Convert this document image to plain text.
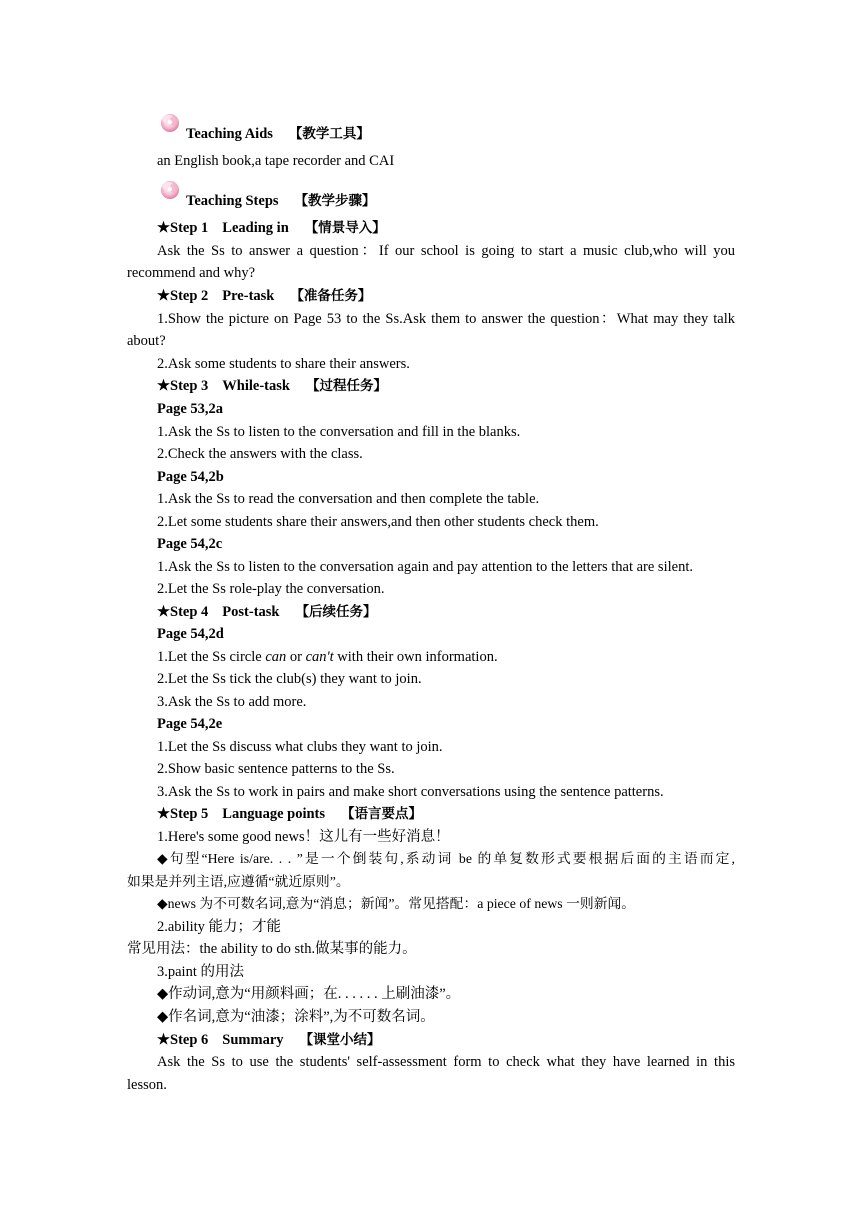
Teaching Aids 【教学工具】
an English book,a tape recorder and CAI
Teaching Steps 【教学步骤】
★Step 1 Leading in 【情景导入】
Ask the Ss to answer a question：If our school is going to start a music club,who will you
recommend and why?
★Step 2 Pre-task 【准备任务】
1.Show the picture on Page 53 to the Ss.Ask them to answer the question：What may they talk
about?
2.Ask some students to share their answers.
★Step 3 While-task 【过程任务】
Page 53,2a
1.Ask the Ss to listen to the conversation and fill in the blanks.
2.Check the answers with the class.
Page 54,2b
1.Ask the Ss to read the conversation and then complete the table.
2.Let some students share their answers,and then other students check them.
Page 54,2c
1.Ask the Ss to listen to the conversation again and pay attention to the letters that are silent.
2.Let the Ss role‑play the conversation.
★Step 4 Post-task 【后续任务】
Page 54,2d
1.Let the Ss circle can or can't with their own information.
2.Let the Ss tick the club(s) they want to join.
3.Ask the Ss to add more.
Page 54,2e
1.Let the Ss discuss what clubs they want to join.
2.Show basic sentence patterns to the Ss.
3.Ask the Ss to work in pairs and make short conversations using the sentence patterns.
★Step 5 Language points 【语言要点】
1.Here's some good news！这儿有一些好消息！
◆句型“Here is/are. . . ”是一个倒装句,系动词 be 的单复数形式要根据后面的主语而定,
如果是并列主语,应遵循“就近原则”。
◆news 为不可数名词,意为“消息；新闻”。常见搭配：a piece of news 一则新闻。
2.ability 能力；才能
常见用法：the ability to do sth.做某事的能力。
3.paint 的用法
◆作动词,意为“用颜料画；在. . . . . . 上刷油漆”。
◆作名词,意为“油漆；涂料”,为不可数名词。
★Step 6 Summary 【课堂小结】
Ask the Ss to use the students' self‑assessment form to check what they have learned in this
lesson.
